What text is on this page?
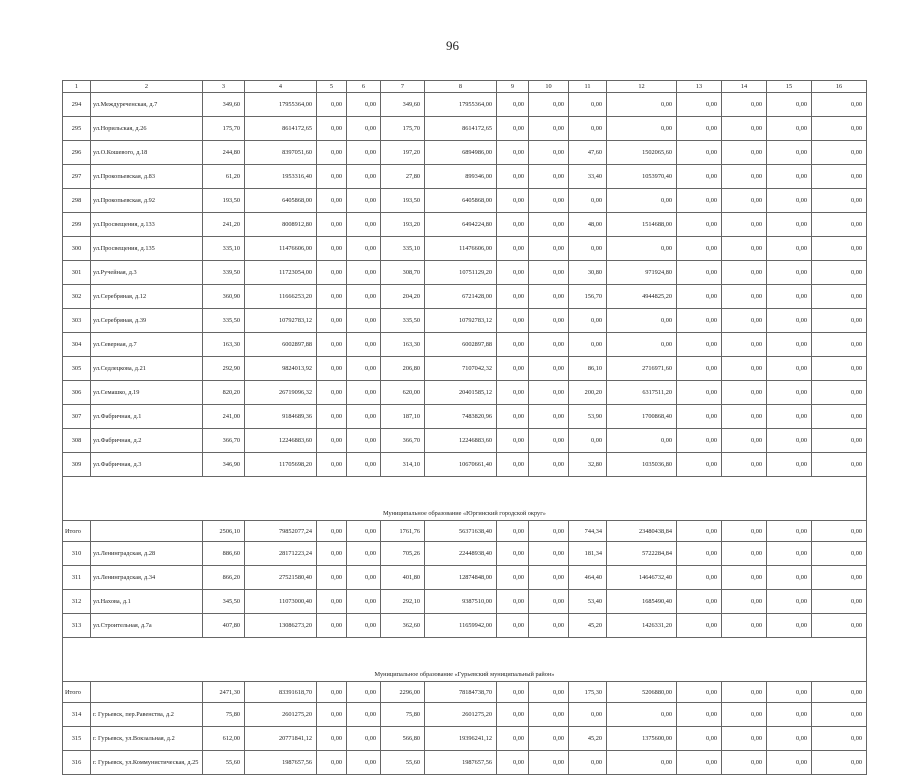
96
1	2	3	4	5	6	7	8	9	10	11	12	13	14	15	16
294	ул.Междуреченская, д.7	349,60	17955364,00	0,00	0,00	349,60	17955364,00	0,00	0,00	0,00	0,00	0,00	0,00	0,00	0,00
295	ул.Норильская, д.26	175,70	8614172,65	0,00	0,00	175,70	8614172,65	0,00	0,00	0,00	0,00	0,00	0,00	0,00	0,00
296	ул.О.Кошевого, д.18	244,80	8397051,60	0,00	0,00	197,20	6894986,00	0,00	0,00	47,60	1502065,60	0,00	0,00	0,00	0,00
297	ул.Прокопьевская, д.83	61,20	1953316,40	0,00	0,00	27,80	899346,00	0,00	0,00	33,40	1053970,40	0,00	0,00	0,00	0,00
298	ул.Прокопьевская, д.92	193,50	6405868,00	0,00	0,00	193,50	6405868,00	0,00	0,00	0,00	0,00	0,00	0,00	0,00	0,00
299	ул.Просвещения, д.133	241,20	8008912,80	0,00	0,00	193,20	6494224,80	0,00	0,00	48,00	1514688,00	0,00	0,00	0,00	0,00
300	ул.Просвещения, д.135	335,10	11476606,00	0,00	0,00	335,10	11476606,00	0,00	0,00	0,00	0,00	0,00	0,00	0,00	0,00
301	ул.Ручейная, д.3	339,50	11723054,00	0,00	0,00	308,70	10751129,20	0,00	0,00	30,80	971924,80	0,00	0,00	0,00	0,00
302	ул.Серебряная, д.12	360,90	11666253,20	0,00	0,00	204,20	6721428,00	0,00	0,00	156,70	4944825,20	0,00	0,00	0,00	0,00
303	ул.Серебряная, д.39	335,50	10792783,12	0,00	0,00	335,50	10792783,12	0,00	0,00	0,00	0,00	0,00	0,00	0,00	0,00
304	ул.Северная, д.7	163,30	6002897,88	0,00	0,00	163,30	6002897,88	0,00	0,00	0,00	0,00	0,00	0,00	0,00	0,00
305	ул.Седлецкова, д.21	292,90	9824013,92	0,00	0,00	206,80	7107042,32	0,00	0,00	86,10	2716971,60	0,00	0,00	0,00	0,00
306	ул.Семашко, д.19	820,20	26719096,32	0,00	0,00	620,00	20401585,12	0,00	0,00	200,20	6317511,20	0,00	0,00	0,00	0,00
307	ул.Фабричная, д.1	241,00	9184689,36	0,00	0,00	187,10	7483820,96	0,00	0,00	53,90	1700868,40	0,00	0,00	0,00	0,00
308	ул.Фабричная, д.2	366,70	12246883,60	0,00	0,00	366,70	12246883,60	0,00	0,00	0,00	0,00	0,00	0,00	0,00	0,00
309	ул.Фабричная, д.3	346,90	11705698,20	0,00	0,00	314,10	10670661,40	0,00	0,00	32,80	1035036,80	0,00	0,00	0,00	0,00
Муниципальное образование «Юргинский городской округ»															
Итого		2506,10	79852077,24	0,00	0,00	1761,76	56371638,40	0,00	0,00	744,34	23480438,84	0,00	0,00	0,00	0,00
310	ул.Ленинградская, д.28	886,60	28171223,24	0,00	0,00	705,26	22448938,40	0,00	0,00	181,34	5722284,84	0,00	0,00	0,00	0,00
311	ул.Ленинградская, д.34	866,20	27521580,40	0,00	0,00	401,80	12874848,00	0,00	0,00	464,40	14646732,40	0,00	0,00	0,00	0,00
312	ул.Нахова, д.1	345,50	11073000,40	0,00	0,00	292,10	9387510,00	0,00	0,00	53,40	1685490,40	0,00	0,00	0,00	0,00
313	ул.Строительная, д.7а	407,80	13086273,20	0,00	0,00	362,60	11659942,00	0,00	0,00	45,20	1426331,20	0,00	0,00	0,00	0,00
Муниципальное образование «Гурьевский муниципальный район»															
Итого		2471,30	83391618,70	0,00	0,00	2296,00	78184738,70	0,00	0,00	175,30	5206880,00	0,00	0,00	0,00	0,00
314	г. Гурьевск, пер.Равенства, д.2	75,80	2601275,20	0,00	0,00	75,80	2601275,20	0,00	0,00	0,00	0,00	0,00	0,00	0,00	0,00
315	г. Гурьевск, ул.Вокзальная, д.2	612,00	20771841,12	0,00	0,00	566,80	19396241,12	0,00	0,00	45,20	1375600,00	0,00	0,00	0,00	0,00
316	г. Гурьевск, ул.Коммунистическая, д.25	55,60	1987657,56	0,00	0,00	55,60	1987657,56	0,00	0,00	0,00	0,00	0,00	0,00	0,00	0,00
